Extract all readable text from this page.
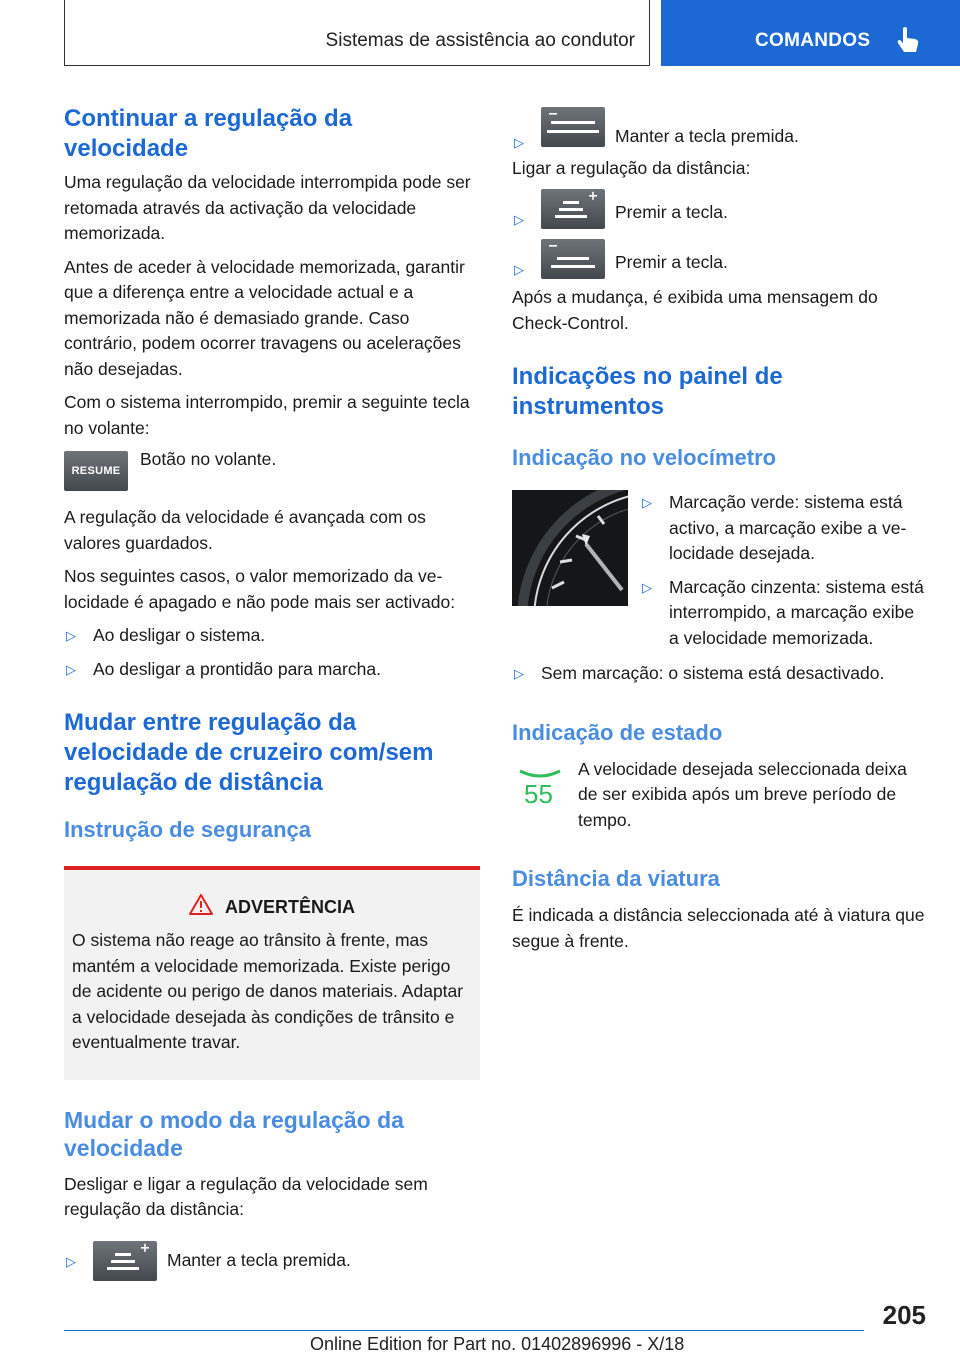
Sistemas de assistência ao condutor	COMANDOS
Continuar a regulação da velocidade
Uma regulação da velocidade interrompida pode ser retomada através da activação da velocidade memorizada.
Antes de aceder à velocidade memorizada, garantir que a diferença entre a velocidade actual e a memorizada não é demasiado grande. Caso contrário, podem ocorrer travagens ou acelerações não desejadas.
Com o sistema interrompido, premir a seguinte tecla no volante:
RESUME
Botão no volante.
A regulação da velocidade é avançada com os valores guardados.
Nos seguintes casos, o valor memorizado da velocidade é apagado e não pode mais ser activado:
▷ Ao desligar o sistema.
▷ Ao desligar a prontidão para marcha.
Mudar entre regulação da velocidade de cruzeiro com/sem regulação de distância
Instrução de segurança
ADVERTÊNCIA
O sistema não reage ao trânsito à frente, mas mantém a velocidade memorizada. Existe perigo de acidente ou perigo de danos materiais. Adaptar a velocidade desejada às condições de trânsito e eventualmente travar.
Mudar o modo da regulação da velocidade
Desligar e ligar a regulação da velocidade sem regulação da distância:
▷	Manter a tecla premida.
▷	Manter a tecla premida.
Ligar a regulação da distância:
▷	Premir a tecla.
▷	Premir a tecla.
Após a mudança, é exibida uma mensagem do Check-Control.
Indicações no painel de instrumentos
Indicação no velocímetro
▷ Marcação verde: sistema está activo, a marcação exibe a velocidade desejada.
▷ Marcação cinzenta: sistema está interrompido, a marcação exibe a velocidade memorizada.
▷ Sem marcação: o sistema está desactivado.
Indicação de estado
55
A velocidade desejada seleccionada deixa de ser exibida após um breve período de tempo.
Distância da viatura
É indicada a distância seleccionada até à viatura que segue à frente.
205
Online Edition for Part no. 01402896996 - X/18
